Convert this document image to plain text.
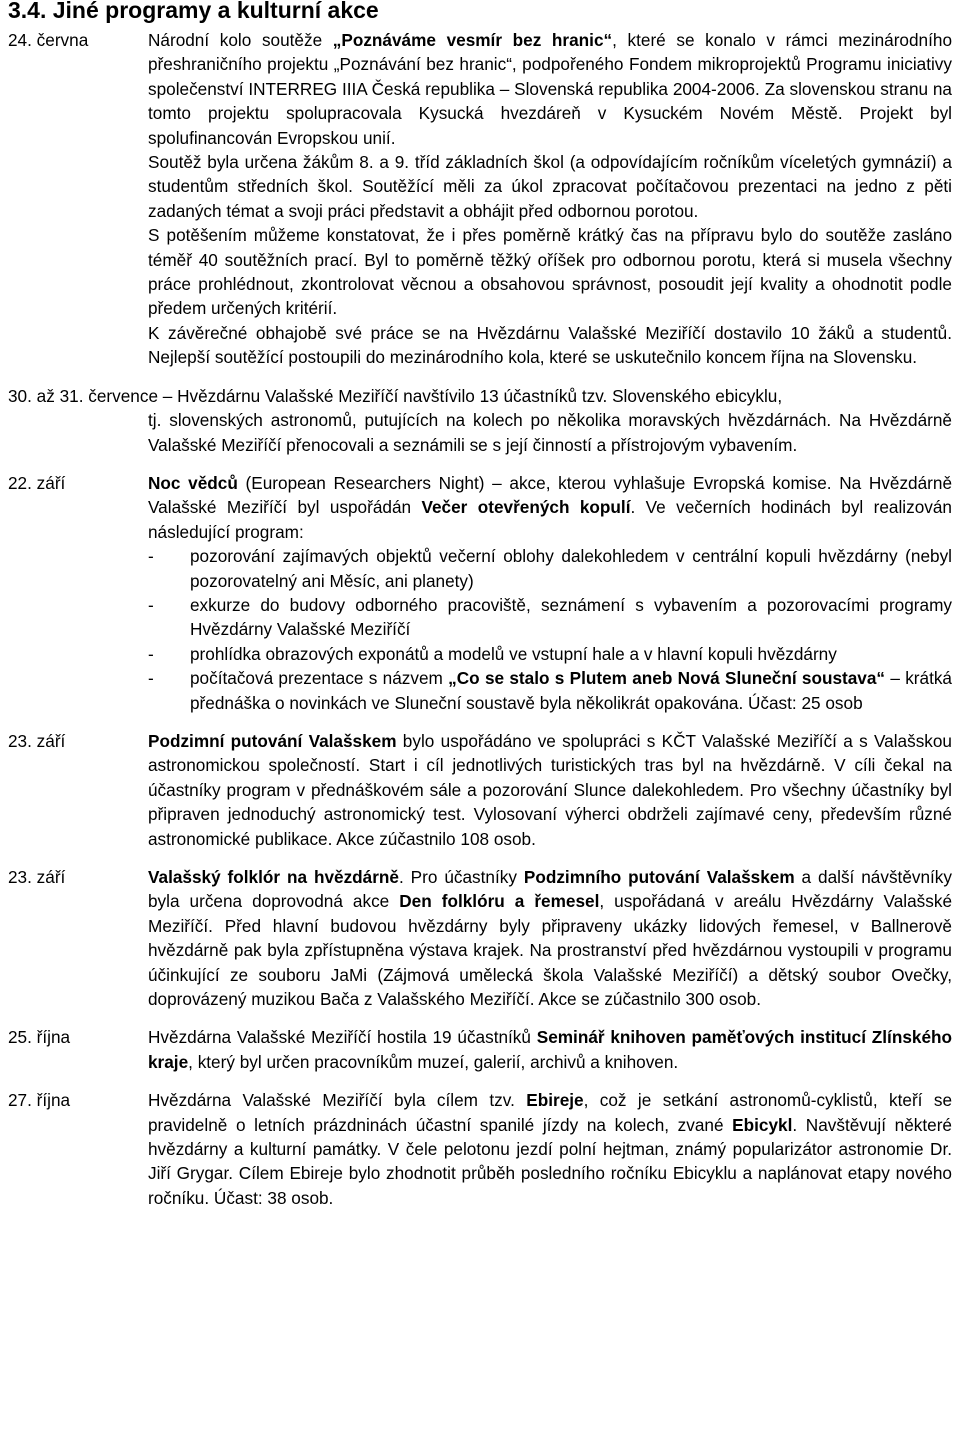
3.4. Jiné programy a kulturní akce
24. června	Národní kolo soutěže „Poznáváme vesmír bez hranic“, které se konalo v rámci mezinárodního přeshraničního projektu „Poznávání bez hranic“, podpořeného Fondem mikroprojektů Programu iniciativy společenství INTERREG IIIA Česká republika – Slovenská republika 2004-2006. Za slovenskou stranu na tomto projektu spolupracovala Kysucká hvezdáreň v Kysuckém Novém Městě. Projekt byl spolufinancován Evropskou unií.

Soutěž byla určena žákům 8. a 9. tříd základních škol (a odpovídajícím ročníkům víceletých gymnázií) a studentům středních škol. Soutěžící měli za úkol zpracovat počítačovou prezentaci na jedno z pěti zadaných témat a svoji práci představit a obhájit před odbornou porotou.

S potěšením můžeme konstatovat, že i přes poměrně krátký čas na přípravu bylo do soutěže zasláno téměř 40 soutěžních prací. Byl to poměrně těžký oříšek pro odbornou porotu, která si musela všechny práce prohlédnout, zkontrolovat věcnou a obsahovou správnost, posoudit její kvality a ohodnotit podle předem určených kritérií.

K závěrečné obhajobě své práce se na Hvězdárnu Valašské Meziříčí dostavilo 10 žáků a studentů. Nejlepší soutěžící postoupili do mezinárodního kola, které se uskutečnilo koncem října na Slovensku.

30. až 31. července – Hvězdárnu Valašské Meziříčí navštívilo 13 účastníků tzv. Slovenského ebicyklu,
tj. slovenských astronomů, putujících na kolech po několika moravských hvězdárnách. Na Hvězdárně Valašské Meziříčí přenocovali a seznámili se s její činností a přístrojovým vybavením.
22. září	Noc vědců (European Researchers Night) – akce, kterou vyhlašuje Evropská komise. Na Hvězdárně Valašské Meziříčí byl uspořádán Večer otevřených kopulí. Ve večerních hodinách byl realizován následující program:

-	pozorování zajímavých objektů večerní oblohy dalekohledem v centrální kopuli hvězdárny (nebyl pozorovatelný ani Měsíc, ani planety)
-	exkurze do budovy odborného pracoviště, seznámení s vybavením a pozorovacími programy Hvězdárny Valašské Meziříčí
-	prohlídka obrazových exponátů a modelů ve vstupní hale a v hlavní kopuli hvězdárny
-	počítačová prezentace s názvem „Co se stalo s Plutem aneb Nová Sluneční soustava“ – krátká přednáška o novinkách ve Sluneční soustavě byla několikrát opakována. Účast: 25 osob
23. září	Podzimní putování Valašskem bylo uspořádáno ve spolupráci s KČT Valašské Meziříčí a s Valašskou astronomickou společností. Start i cíl jednotlivých turistických tras byl na hvězdárně. V cíli čekal na účastníky program v přednáškovém sále a pozorování Slunce dalekohledem. Pro všechny účastníky byl připraven jednoduchý astronomický test. Vylosovaní výherci obdrželi zajímavé ceny, především různé astronomické publikace. Akce zúčastnilo 108 osob.

23. září	Valašský folklór na hvězdárně. Pro účastníky Podzimního putování Valašskem a další návštěvníky byla určena doprovodná akce Den folklóru a řemesel, uspořádaná v areálu Hvězdárny Valašské Meziříčí. Před hlavní budovou hvězdárny byly připraveny ukázky lidových řemesel, v Ballnerově hvězdárně pak byla zpřístupněna výstava krajek. Na prostranství před hvězdárnou vystoupili v programu účinkující ze souboru JaMi (Zájmová umělecká škola Valašské Meziříčí) a dětský soubor Ovečky, doprovázený muzikou Bača z Valašského Meziříčí. Akce se zúčastnilo 300 osob.

25. října	Hvězdárna Valašské Meziříčí hostila 19 účastníků Seminář knihoven paměťových institucí Zlínského kraje, který byl určen pracovníkům muzeí, galerií, archivů a knihoven.

27. října	Hvězdárna Valašské Meziříčí byla cílem tzv. Ebireje, což je setkání astronomů-cyklistů, kteří se pravidelně o letních prázdninách účastní spanilé jízdy na kolech, zvané Ebicykl. Navštěvují některé hvězdárny a kulturní památky. V čele pelotonu jezdí polní hejtman, známý popularizátor astronomie Dr. Jiří Grygar. Cílem Ebireje bylo zhodnotit průběh posledního ročníku Ebicyklu a naplánovat etapy nového ročníku. Účast: 38 osob.
